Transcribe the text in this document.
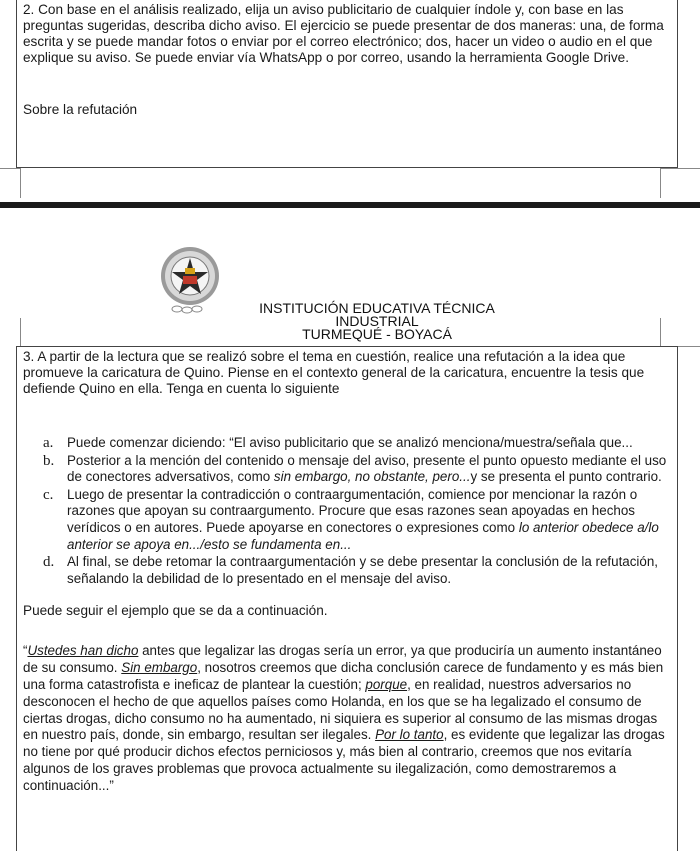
2. Con base en el análisis realizado, elija un aviso publicitario de cualquier índole y, con base en las preguntas sugeridas, describa dicho aviso. El ejercicio se puede presentar de dos maneras: una, de forma escrita y se puede mandar fotos o enviar por el correo electrónico; dos, hacer un video o audio en el que explique su aviso. Se puede enviar vía WhatsApp o por correo, usando la herramienta Google Drive.

Sobre la refutación
INSTITUCIÓN EDUCATIVA TÉCNICA INDUSTRIAL
TURMEQUÉ - BOYACÁ

3. A partir de la lectura que se realizó sobre el tema en cuestión, realice una refutación a la idea que promueve la caricatura de Quino. Piense en el contexto general de la caricatura, encuentre la tesis que defiende Quino en ella. Tenga en cuenta lo siguiente

a. Puede comenzar diciendo: “El aviso publicitario que se analizó menciona/muestra/señala que...
b. Posterior a la mención del contenido o mensaje del aviso, presente el punto opuesto mediante el uso de conectores adversativos, como sin embargo, no obstante, pero...y se presenta el punto contrario.
c. Luego de presentar la contradicción o contraargumentación, comience por mencionar la razón o razones que apoyan su contraargumento. Procure que esas razones sean apoyadas en hechos verídicos o en autores. Puede apoyarse en conectores o expresiones como lo anterior obedece a/lo anterior se apoya en.../esto se fundamenta en...
d. Al final, se debe retomar la contraargumentación y se debe presentar la conclusión de la refutación, señalando la debilidad de lo presentado en el mensaje del aviso.
Puede seguir el ejemplo que se da a continuación.

“Ustedes han dicho antes que legalizar las drogas sería un error, ya que produciría un aumento instantáneo de su consumo. Sin embargo, nosotros creemos que dicha conclusión carece de fundamento y es más bien una forma catastrofista e ineficaz de plantear la cuestión; porque, en realidad, nuestros adversarios no desconocen el hecho de que aquellos países como Holanda, en los que se ha legalizado el consumo de ciertas drogas, dicho consumo no ha aumentado, ni siquiera es superior al consumo de las mismas drogas en nuestro país, donde, sin embargo, resultan ser ilegales. Por lo tanto, es evidente que legalizar las drogas no tiene por qué producir dichos efectos perniciosos y, más bien al contrario, creemos que nos evitaría algunos de los graves problemas que provoca actualmente su ilegalización, como demostraremos a continuación...”
